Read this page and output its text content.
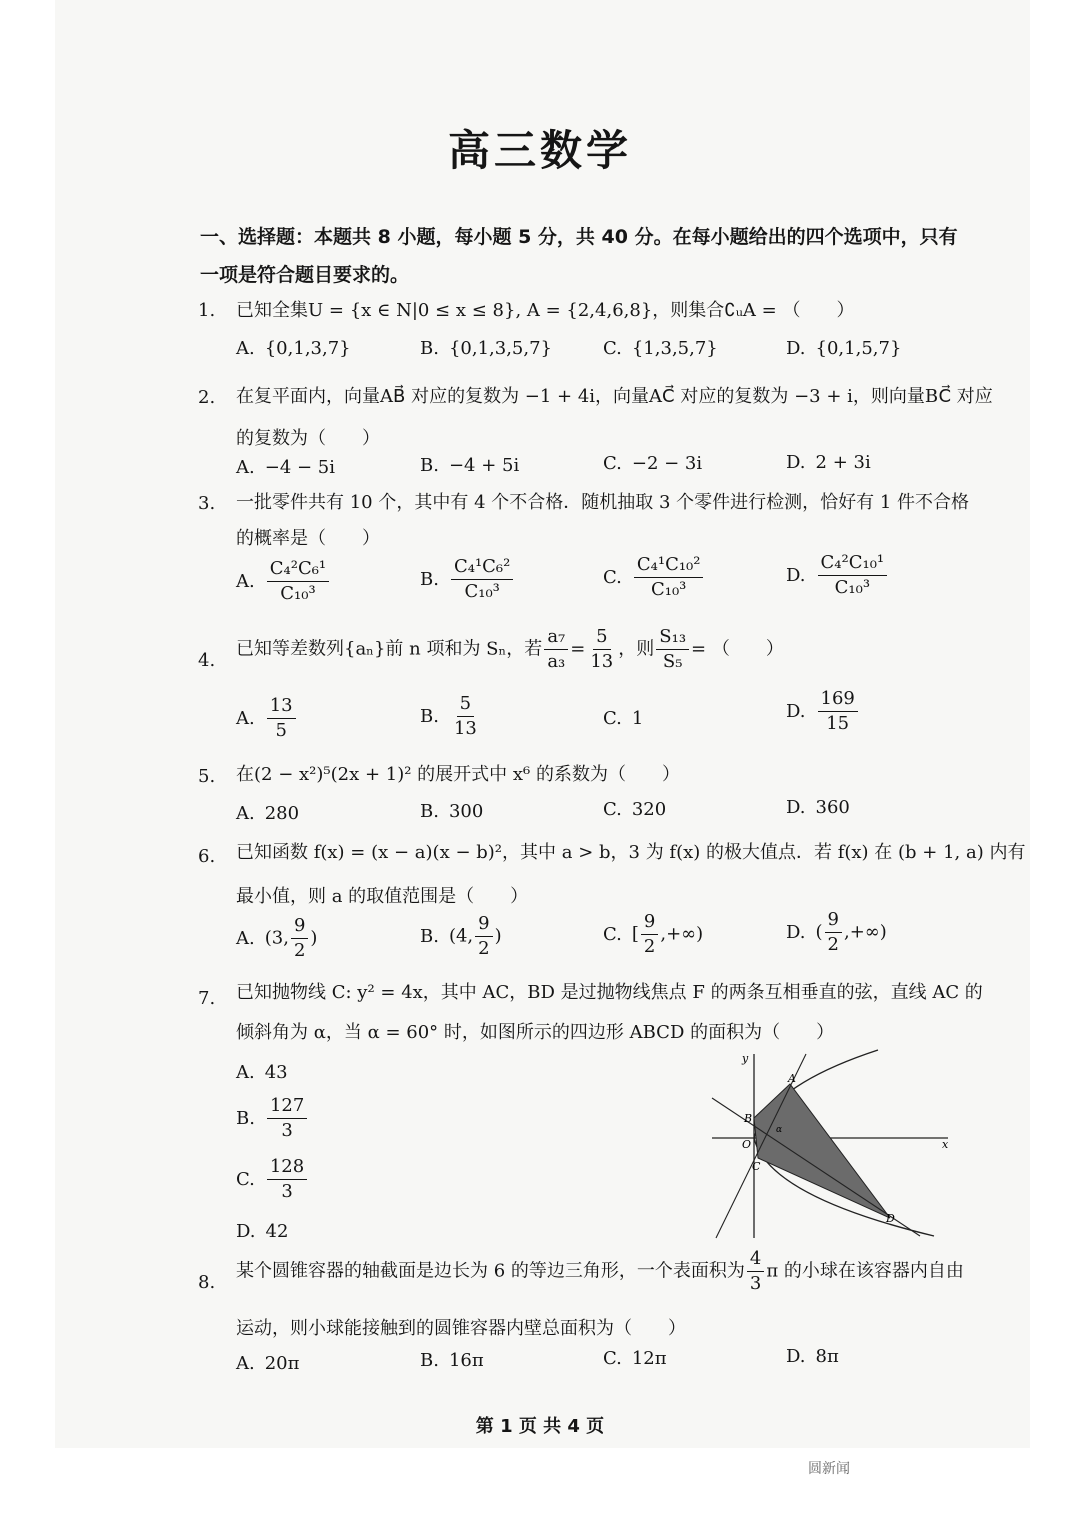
高三数学
一、选择题：本题共 8 小题，每小题 5 分，共 40 分。在每小题给出的四个选项中，只有一项是符合题目要求的。
1. 已知全集U = {x ∈ N|0 ≤ x ≤ 8}, A = {2,4,6,8}，则集合∁ᵤA = （　　）
A. {0,1,3,7}	B. {0,1,3,5,7}	C. {1,3,5,7}	D. {0,1,5,7}
2. 在复平面内，向量AB⃗ 对应的复数为 −1 + 4i，向量AC⃗ 对应的复数为 −3 + i，则向量BC⃗ 对应
的复数为（　　）
A. −4 − 5i	B. −4 + 5i	C. −2 − 3i	D. 2 + 3i
3. 一批零件共有 10 个，其中有 4 个不合格．随机抽取 3 个零件进行检测，恰好有 1 件不合格
的概率是（　　）
A. $\frac{\text{C₄²C₆¹}}{\text{C₁₀³}}$	B. $\frac{\text{C₄¹C₆²}}{\text{C₁₀³}}$	C. $\frac{\text{C₄¹C₁₀²}}{\text{C₁₀³}}$	D. $\frac{\text{C₄²C₁₀¹}}{\text{C₁₀³}}$
4.
已知等差数列{aₙ}前 n 项和为 Sₙ，若 $\frac{\text{a₇}}{\text{a₃}} = \frac{5}{13}$ ，则 $\frac{\text{S₁₃}}{\text{S₅}}$ = （　　）
A. $\frac{13}{5}$	B. $\frac{5}{13}$	C. 1	D. $\frac{169}{15}$
5. 在(2 − x²)⁵(2x + 1)² 的展开式中 x⁶ 的系数为（　　）
A. 280	B. 300	C. 320	D. 360
6. 已知函数 f(x) = (x − a)(x − b)²，其中 a > b，3 为 f(x) 的极大值点．若 f(x) 在 (b + 1, a) 内有
最小值，则 a 的取值范围是（　　）
A. (3, $\frac{9}{2}$ )	B. (4, $\frac{9}{2}$ )	C. [ $\frac{9}{2}$ ,+∞)	D. ( $\frac{9}{2}$ ,+∞)
7. 已知抛物线 C: y² = 4x，其中 AC，BD 是过抛物线焦点 F 的两条互相垂直的弦，直线 AC 的
倾斜角为 α，当 α = 60° 时，如图所示的四边形 ABCD 的面积为（　　）
A. 43
B. $\frac{127}{3}$
C. $\frac{128}{3}$
D. 42
y
x
O
A
B
C
D
α
8.
某个圆锥容器的轴截面是边长为 6 的等边三角形，一个表面积为 $\frac{4}{3}$ π 的小球在该容器内自由
运动，则小球能接触到的圆锥容器内壁总面积为（　　）
A. 20π	B. 16π	C. 12π	D. 8π
第 1 页 共 4 页
圆新闻
